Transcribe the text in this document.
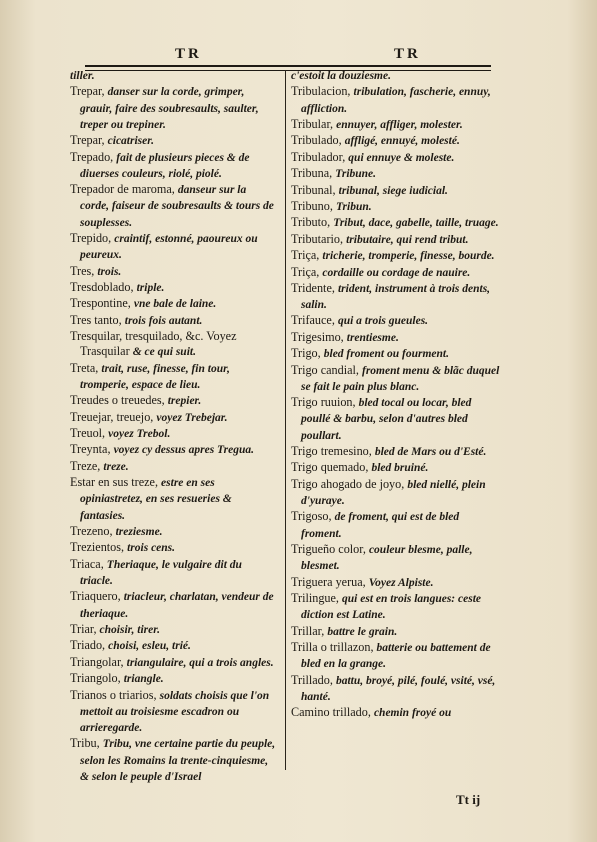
TR	TR
tiller.
Trepar, danser sur la corde, grimper, grauir, faire des soubresaults, saulter, treper ou trepiner.
Trepar, cicatriser.
Trepado, fait de plusieurs pieces & de diuerses couleurs, riolé, piolé.
Trepador de maroma, danseur sur la corde, faiseur de soubresaults & tours de souplesses.
Trepido, craintif, estonné, paoureux ou peureux.
Tres, trois.
Tresdoblado, triple.
Trespontine, vne bale de laine.
Tres tanto, trois fois autant.
Tresquilar, tresquilado, &c. Voyez Trasquilar & ce qui suit.
Treta, trait, ruse, finesse, fin tour, tromperie, espace de lieu.
Treudes o treuedes, trepier.
Treuejar, treuejo, voyez Trebejar.
Treuol, voyez Trebol.
Treynta, voyez cy dessus apres Tregua.
Treze, treze.
Estar en sus treze, estre en ses opiniastretez, en ses resueries & fantasies.
Trezeno, treziesme.
Trezientos, trois cens.
Triaca, Theriaque, le vulgaire dit du triacle.
Triaquero, triacleur, charlatan, vendeur de theriaque.
Triar, choisir, tirer.
Triado, choisi, esleu, trié.
Triangolar, triangulaire, qui a trois angles.
Triangolo, triangle.
Trianos o triarios, soldats choisis que l'on mettoit au troisiesme escadron ou arrieregarde.
Tribu, Tribu, vne certaine partie du peuple, selon les Romains la trente-cinquiesme, & selon le peuple d'Israel
c'estoit la douziesme.
Tribulacion, tribulation, fascherie, ennuy, affliction.
Tribular, ennuyer, affliger, molester.
Tribulado, affligé, ennuyé, molesté.
Tribulador, qui ennuye & moleste.
Tribuna, Tribune.
Tribunal, tribunal, siege iudicial.
Tribuno, Tribun.
Tributo, Tribut, dace, gabelle, taille, truage.
Tributario, tributaire, qui rend tribut.
Triça, tricherie, tromperie, finesse, bourde.
Triça, cordaille ou cordage de nauire.
Tridente, trident, instrument à trois dents, salin.
Trifauce, qui a trois gueules.
Trigesimo, trentiesme.
Trigo, bled froment ou fourment.
Trigo candial, froment menu & blãc duquel se fait le pain plus blanc.
Trigo ruuion, bled tocal ou locar, bled poullé & barbu, selon d'autres bled poullart.
Trigo tremesino, bled de Mars ou d'Esté.
Trigo quemado, bled bruiné.
Trigo ahogado de joyo, bled niellé, plein d'yuraye.
Trigoso, de froment, qui est de bled froment.
Trigueño color, couleur blesme, palle, blesmet.
Triguera yerua, Voyez Alpiste.
Trilingue, qui est en trois langues: ceste diction est Latine.
Trillar, battre le grain.
Trilla o trillazon, batterie ou battement de bled en la grange.
Trillado, battu, broyé, pilé, foulé, vsité, vsé, hanté.
Camino trillado, chemin froyé ou
Tt ij
